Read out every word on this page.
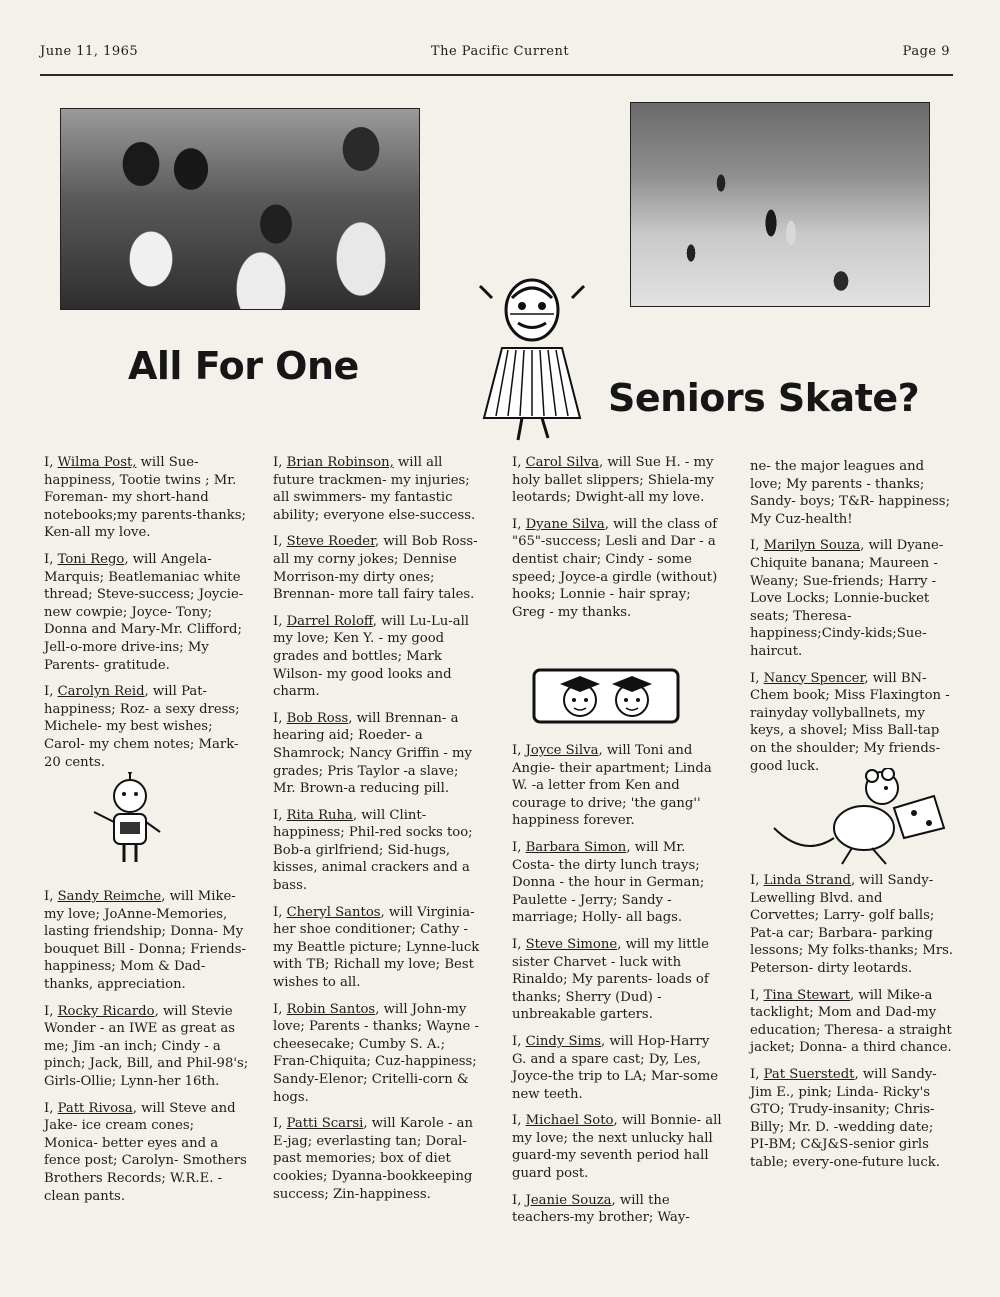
June 11, 1965	The Pacific Current	Page 9
All For One
Seniors Skate?

I, Wilma Post, will Sue-happiness, Tootie twins ; Mr. Foreman- my short-hand notebooks;my parents-thanks; Ken-all my love.

I, Toni Rego, will Angela-Marquis; Beatlemaniac white thread; Steve-success; Joycie- new cowpie; Joyce- Tony; Donna and Mary-Mr. Clifford; Jell-o-more drive-ins; My Parents- gratitude.

I, Carolyn Reid, will Pat-happiness; Roz- a sexy dress; Michele- my best wishes; Carol- my chem notes; Mark-20 cents.

I, Sandy Reimche, will Mike-my love; JoAnne-Memories, lasting friendship; Donna- My bouquet Bill - Donna; Friends-happiness; Mom & Dad-thanks, appreciation.

I, Rocky Ricardo, will Stevie Wonder - an IWE as great as me; Jim -an inch; Cindy - a pinch; Jack, Bill, and Phil-98's; Girls-Ollie; Lynn-her 16th.

I, Patt Rivosa, will Steve and Jake- ice cream cones; Monica- better eyes and a fence post; Carolyn- Smothers Brothers Records; W.R.E. - clean pants.

I, Brian Robinson, will all future trackmen- my injuries; all swimmers- my fantastic ability; everyone else-success.

I, Steve Roeder, will Bob Ross- all my corny jokes; Dennise Morrison-my dirty ones; Brennan- more tall fairy tales.

I, Darrel Roloff, will Lu-Lu-all my love; Ken Y. - my good grades and bottles; Mark Wilson- my good looks and charm.

I, Bob Ross, will Brennan- a hearing aid; Roeder- a Shamrock; Nancy Griffin - my grades; Pris Taylor -a slave; Mr. Brown-a reducing pill.

I, Rita Ruha, will Clint-happiness; Phil-red socks too; Bob-a girlfriend; Sid-hugs, kisses, animal crackers and a bass.

I, Cheryl Santos, will Virginia-her shoe conditioner; Cathy - my Beattle picture; Lynne-luck with TB; Richall my love; Best wishes to all.

I, Robin Santos, will John-my love; Parents - thanks; Wayne -cheesecake; Cumby S. A.; Fran-Chiquita; Cuz-happiness; Sandy-Elenor; Critelli-corn & hogs.

I, Patti Scarsi, will Karole - an E-jag; everlasting tan; Doral-past memories; box of diet cookies; Dyanna-bookkeeping success; Zin-happiness.

I, Carol Silva, will Sue H. - my holy ballet slippers; Shiela-my leotards; Dwight-all my love.

I, Dyane Silva, will the class of "65"-success; Lesli and Dar - a dentist chair; Cindy - some speed; Joyce-a girdle (without) hooks; Lonnie - hair spray; Greg - my thanks.

I, Joyce Silva, will Toni and Angie- their apartment; Linda W. -a letter from Ken and courage to drive; 'the gang'' happiness forever.

I, Barbara Simon, will Mr. Costa- the dirty lunch trays; Donna - the hour in German; Paulette - Jerry; Sandy -marriage; Holly- all bags.

I, Steve Simone, will my little sister Charvet - luck with Rinaldo; My parents- loads of thanks; Sherry (Dud) -unbreakable garters.

I, Cindy Sims, will Hop-Harry G. and a spare cast; Dy, Les, Joyce-the trip to LA; Mar-some new teeth.

I, Michael Soto, will Bonnie- all my love; the next unlucky hall guard-my seventh period hall guard post.

I, Jeanie Souza, will the teachers-my brother; Way-

ne- the major leagues and love; My parents - thanks; Sandy- boys; T&R- happiness; My Cuz-health!

I, Marilyn Souza, will Dyane-Chiquite banana; Maureen - Weany; Sue-friends; Harry - Love Locks; Lonnie-bucket seats; Theresa-happiness;Cindy-kids;Sue-haircut.

I, Nancy Spencer, will BN-Chem book; Miss Flaxington -rainyday vollyballnets, my keys, a shovel; Miss Ball-tap on the shoulder; My friends-good luck.

I, Linda Strand, will Sandy-Lewelling Blvd. and Corvettes; Larry- golf balls; Pat-a car; Barbara- parking lessons; My folks-thanks; Mrs. Peterson- dirty leotards.

I, Tina Stewart, will Mike-a tacklight; Mom and Dad-my education; Theresa- a straight jacket; Donna- a third chance.

I, Pat Suerstedt, will Sandy-Jim E., pink; Linda- Ricky's GTO; Trudy-insanity; Chris-Billy; Mr. D. -wedding date; PI-BM; C&J&S-senior girls table; every-one-future luck.
